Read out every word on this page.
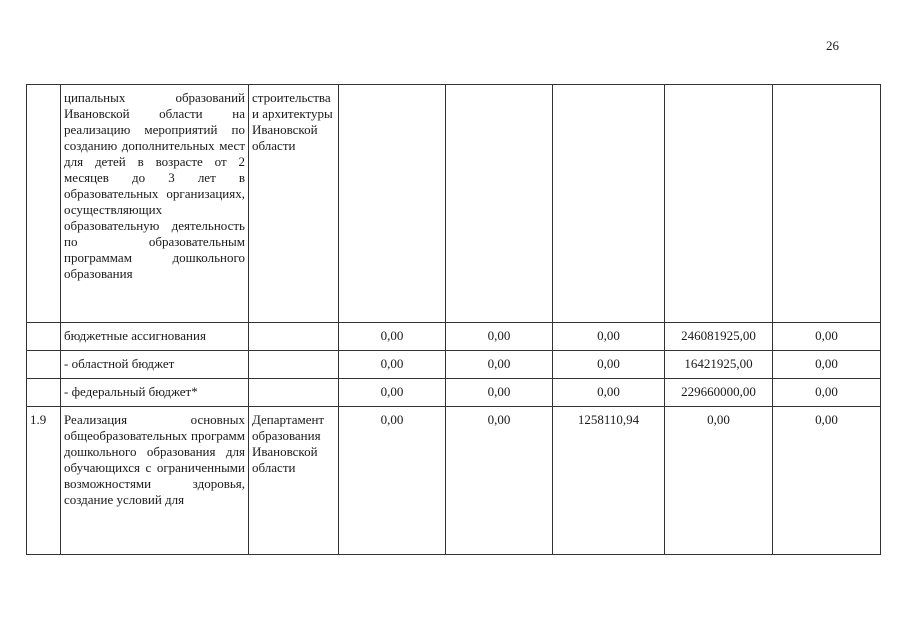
26
	ципальных образований Ивановской области на реализацию мероприятий по созданию дополнительных мест для детей в возрасте от 2 месяцев до 3 лет в образовательных организациях, осуществляющих образовательную деятельность по образовательным программам дошкольного образования	строительства и архитектуры Ивановской области					
	бюджетные ассигнования		0,00	0,00	0,00	246081925,00	0,00
	- областной бюджет		0,00	0,00	0,00	16421925,00	0,00
	- федеральный бюджет*		0,00	0,00	0,00	229660000,00	0,00
1.9	Реализация основных общеобразовательных программ дошкольного образования для обучающихся с ограниченными возможностями здоровья, создание условий для	Департамент образования Ивановской области	0,00	0,00	1258110,94	0,00	0,00
